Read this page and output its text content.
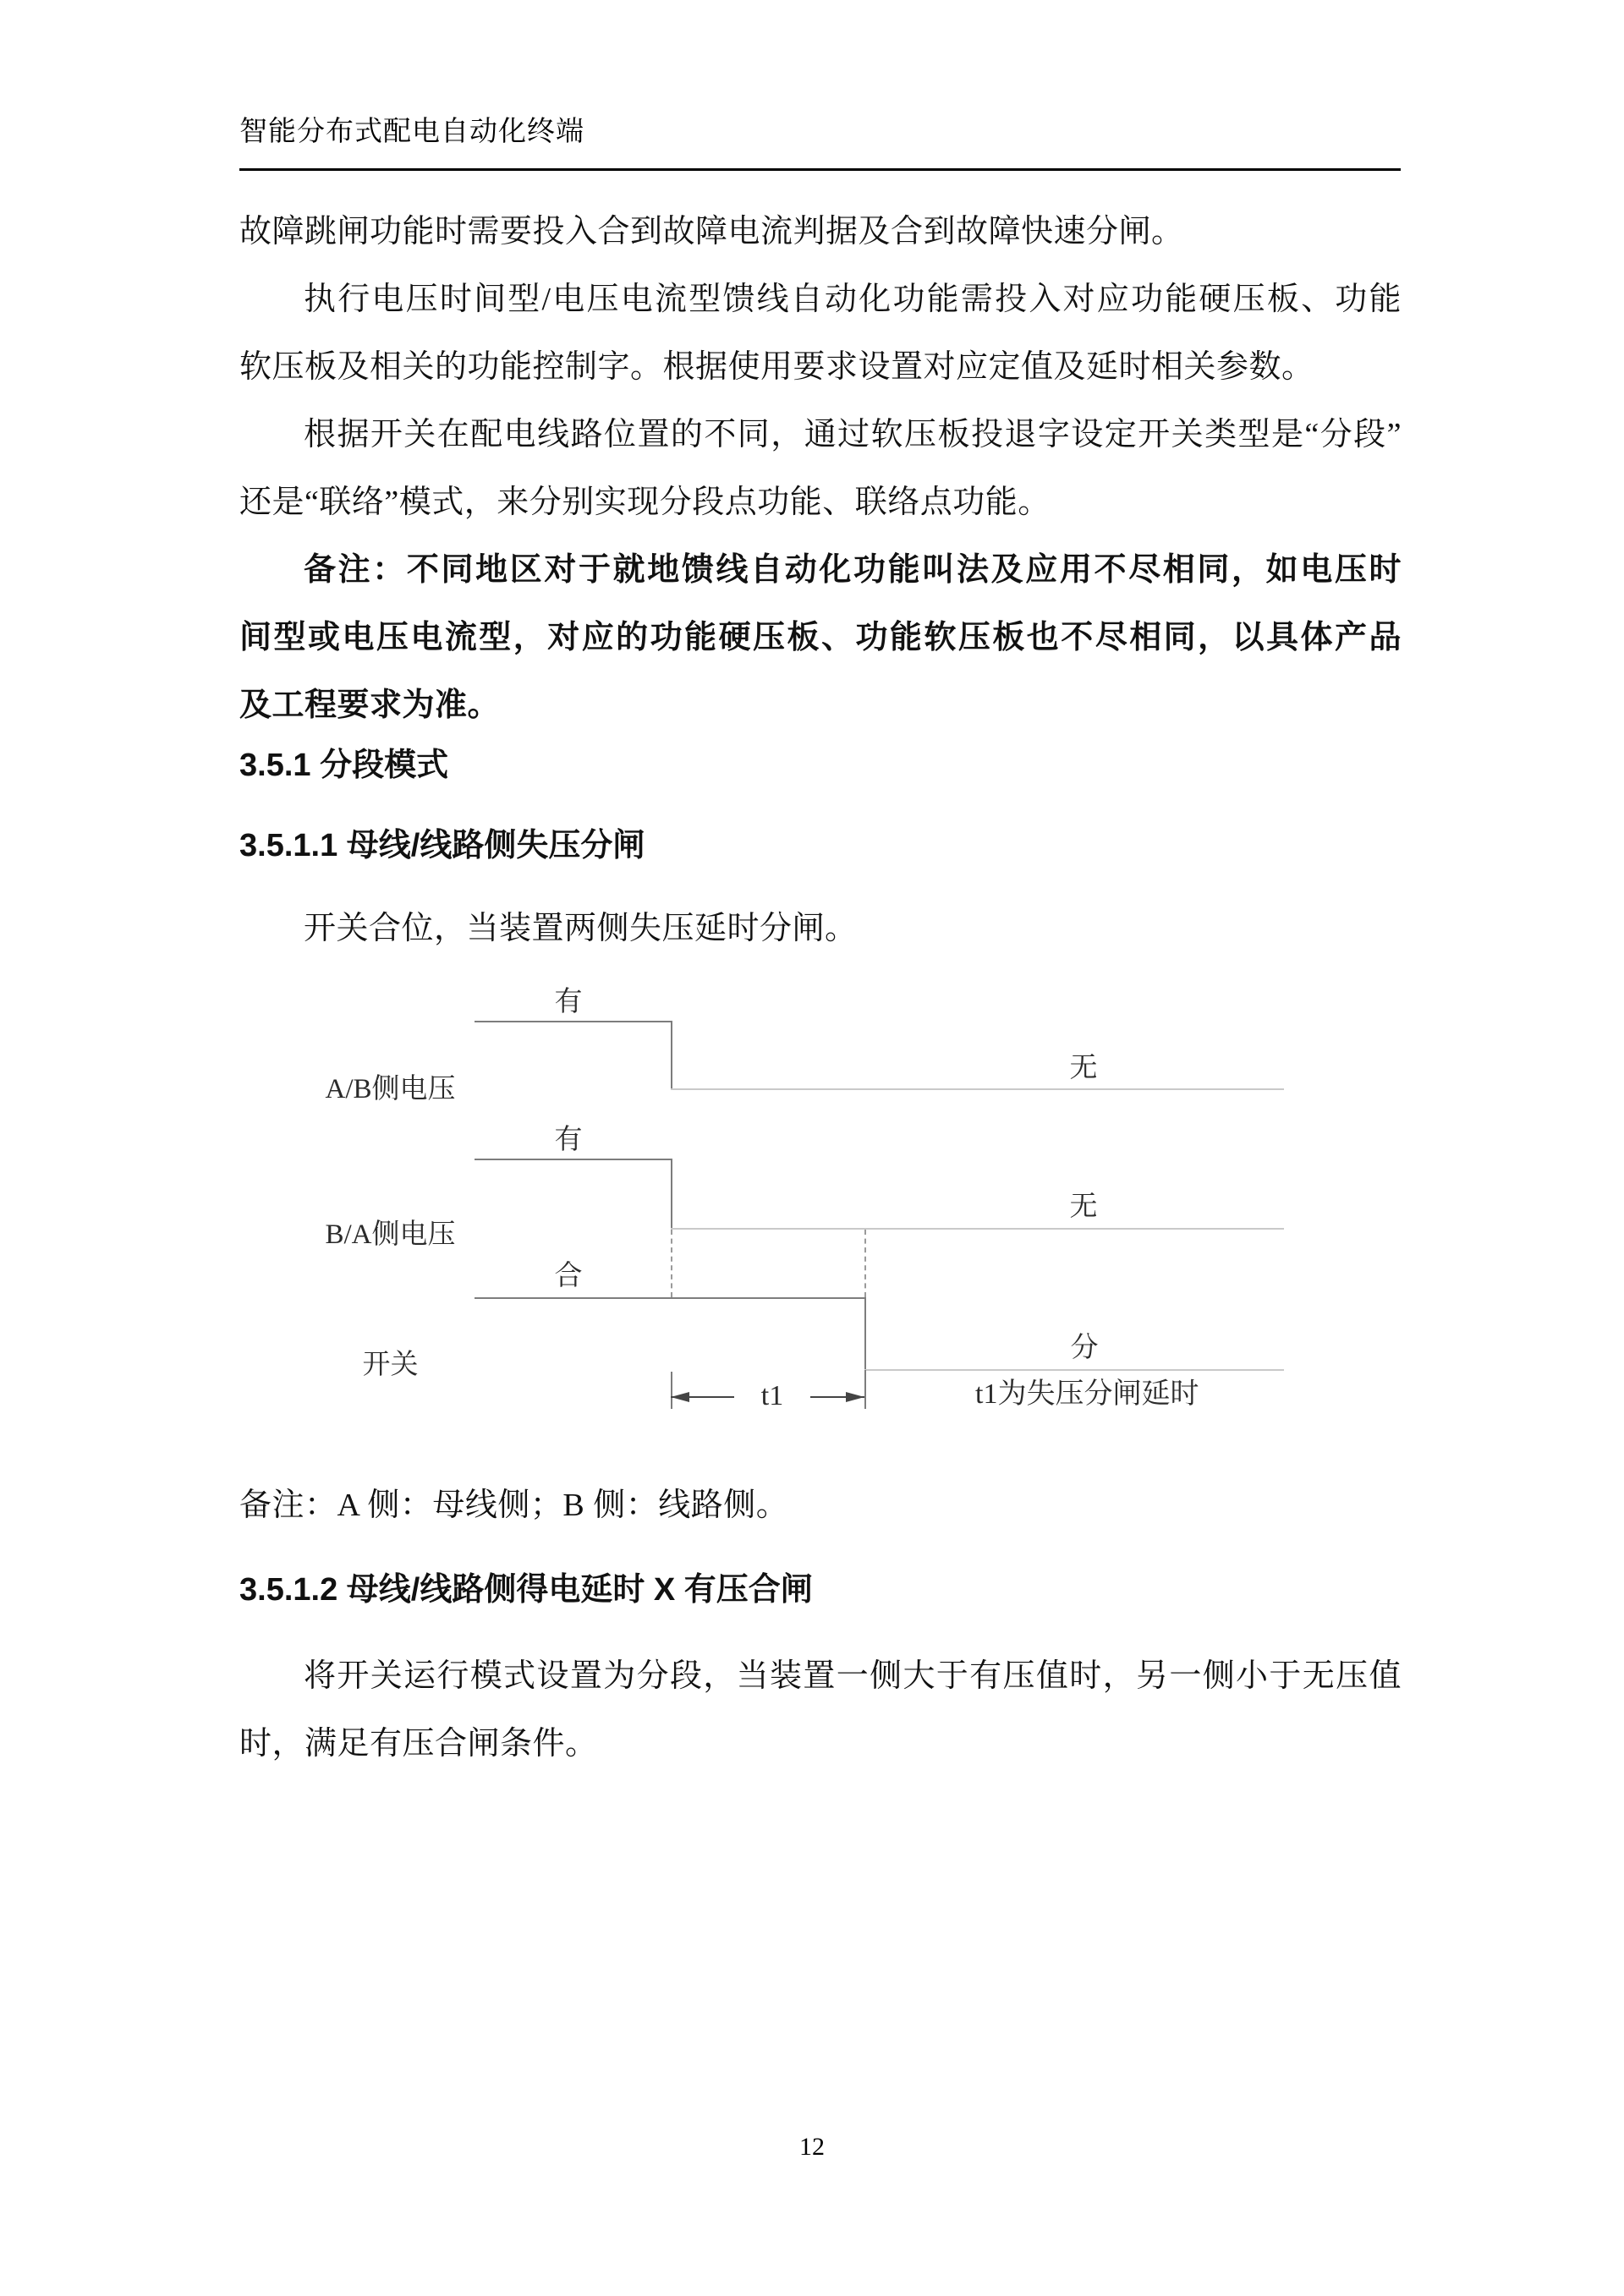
智能分布式配电自动化终端
故障跳闸功能时需要投入合到故障电流判据及合到故障快速分闸。
执行电压时间型/电压电流型馈线自动化功能需投入对应功能硬压板、功能
软压板及相关的功能控制字。根据使用要求设置对应定值及延时相关参数。
根据开关在配电线路位置的不同，通过软压板投退字设定开关类型是“分段”
还是“联络”模式，来分别实现分段点功能、联络点功能。
备注：不同地区对于就地馈线自动化功能叫法及应用不尽相同，如电压时
间型或电压电流型，对应的功能硬压板、功能软压板也不尽相同，以具体产品
及工程要求为准。
3.5.1 分段模式
3.5.1.1 母线/线路侧失压分闸
开关合位，当装置两侧失压延时分闸。
A/B侧电压
有
无
B/A侧电压
有
无
开关
合
分
t1	t1为失压分闸延时
备注：A 侧：母线侧；B 侧：线路侧。
3.5.1.2 母线/线路侧得电延时 X 有压合闸
将开关运行模式设置为分段，当装置一侧大于有压值时，另一侧小于无压值
时，满足有压合闸条件。
12
